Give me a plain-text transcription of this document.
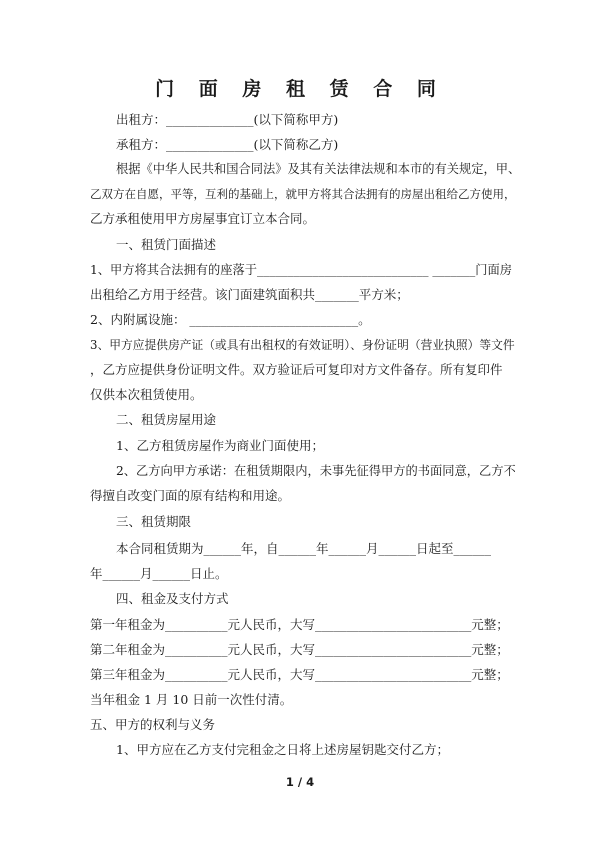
门 面 房 租 赁 合 同
出租方：______________(以下简称甲方)
承租方：______________(以下简称乙方)
根据《中华人民共和国合同法》及其有关法律法规和本市的有关规定，甲、
乙双方在自愿，平等，互利的基础上，就甲方将其合法拥有的房屋出租给乙方使用，
乙方承租使用甲方房屋事宜订立本合同。
一、租赁门面描述
1、甲方将其合法拥有的座落于____________________________ _______门面房
出租给乙方用于经营。该门面建筑面积共_______平方米；
2、内附属设施： ___________________________。
3、甲方应提供房产证（或具有出租权的有效证明）、身份证明（营业执照）等文件
，乙方应提供身份证明文件。双方验证后可复印对方文件备存。所有复印件
仅供本次租赁使用。
二、租赁房屋用途
1、乙方租赁房屋作为商业门面使用；
2、乙方向甲方承诺：在租赁期限内，未事先征得甲方的书面同意，乙方不
得擅自改变门面的原有结构和用途。
三、租赁期限
本合同租赁期为______年，自______年______月______日起至______
年______月______日止。
四、租金及支付方式
第一年租金为__________元人民币，大写_________________________元整；
第二年租金为__________元人民币，大写_________________________元整；
第三年租金为__________元人民币，大写_________________________元整；
当年租金 1 月 10 日前一次性付清。
五、甲方的权利与义务
1、甲方应在乙方支付完租金之日将上述房屋钥匙交付乙方；
1 / 4
